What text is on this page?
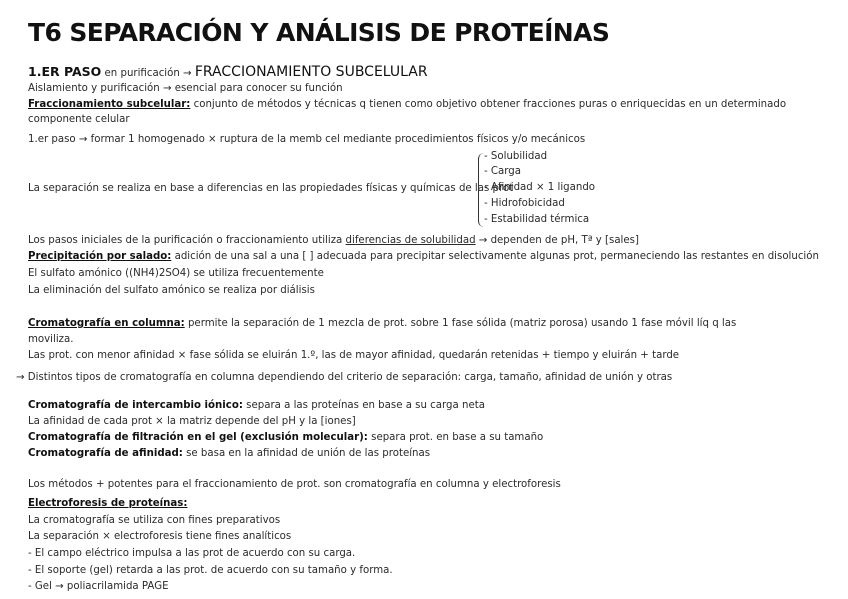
T6 SEPARACIÓN Y ANÁLISIS DE PROTEÍNAS
1.ER PASO en purificación → FRACCIONAMIENTO SUBCELULAR
Aislamiento y purificación → esencial para conocer su función
Fraccionamiento subcelular: conjunto de métodos y técnicas q tienen como objetivo obtener fracciones puras o enriquecidas en un determinado
componente celular
1.er paso → formar 1 homogenado × ruptura de la memb cel mediante procedimientos físicos y/o mecánicos
La separación se realiza en base a diferencias en las propiedades físicas y químicas de las prot
- Solubilidad
- Carga
- Afinidad × 1 ligando
- Hidrofobicidad
- Estabilidad térmica
Los pasos iniciales de la purificación o fraccionamiento utiliza diferencias de solubilidad → dependen de pH, Tª y [sales]
Precipitación por salado: adición de una sal a una [ ] adecuada para precipitar selectivamente algunas prot, permaneciendo las restantes en disolución
El sulfato amónico ((NH4)2SO4) se utiliza frecuentemente
La eliminación del sulfato amónico se realiza por diálisis
Cromatografía en columna: permite la separación de 1 mezcla de prot. sobre 1 fase sólida (matriz porosa) usando 1 fase móvil líq q las
moviliza.
Las prot. con menor afinidad × fase sólida se eluirán 1.º, las de mayor afinidad, quedarán retenidas + tiempo y eluirán + tarde
→ Distintos tipos de cromatografía en columna dependiendo del criterio de separación: carga, tamaño, afinidad de unión y otras
Cromatografía de intercambio iónico: separa a las proteínas en base a su carga neta
La afinidad de cada prot × la matriz depende del pH y la [iones]
Cromatografía de filtración en el gel (exclusión molecular): separa prot. en base a su tamaño
Cromatografía de afinidad: se basa en la afinidad de unión de las proteínas
Los métodos + potentes para el fraccionamiento de prot. son cromatografía en columna y electroforesis
Electroforesis de proteínas:
La cromatografía se utiliza con fines preparativos
La separación × electroforesis tiene fines analíticos
- El campo eléctrico impulsa a las prot de acuerdo con su carga.
- El soporte (gel) retarda a las prot. de acuerdo con su tamaño y forma.
- Gel → poliacrilamida PAGE
